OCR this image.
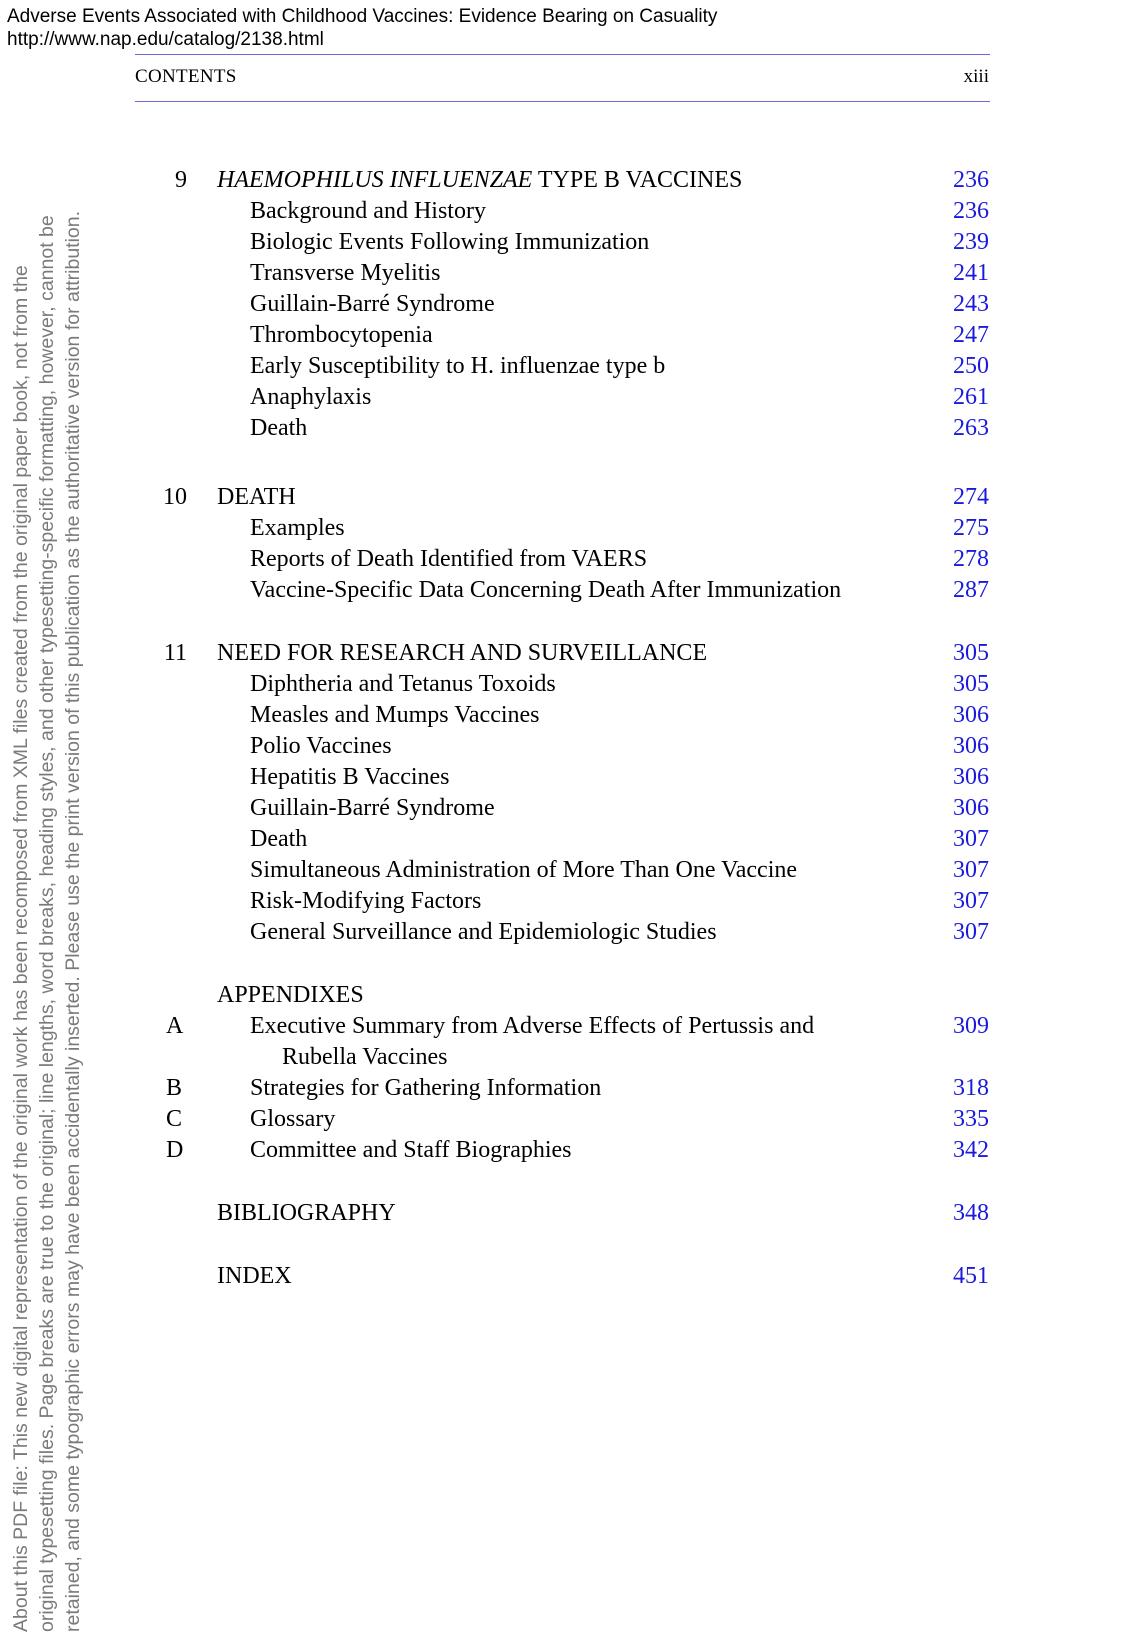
Adverse Events Associated with Childhood Vaccines: Evidence Bearing on Casuality
http://www.nap.edu/catalog/2138.html
About this PDF file: This new digital representation of the original work has been recomposed from XML files created from the original paper book, not from the original typesetting files. Page breaks are true to the original; line lengths, word breaks, heading styles, and other typesetting-specific formatting, however, cannot be retained, and some typographic errors may have been accidentally inserted. Please use the print version of this publication as the authoritative version for attribution.
CONTENTS	xiii
9 HAEMOPHILUS INFLUENZAE TYPE B VACCINES	236
Background and History	236
Biologic Events Following Immunization	239
Transverse Myelitis	241
Guillain-Barré Syndrome	243
Thrombocytopenia	247
Early Susceptibility to H. influenzae type b	250
Anaphylaxis	261
Death	263
10 DEATH	274
Examples	275
Reports of Death Identified from VAERS	278
Vaccine-Specific Data Concerning Death After Immunization	287
11 NEED FOR RESEARCH AND SURVEILLANCE	305
Diphtheria and Tetanus Toxoids	305
Measles and Mumps Vaccines	306
Polio Vaccines	306
Hepatitis B Vaccines	306
Guillain-Barré Syndrome	306
Death	307
Simultaneous Administration of More Than One Vaccine	307
Risk-Modifying Factors	307
General Surveillance and Epidemiologic Studies	307
APPENDIXES
A	Executive Summary from Adverse Effects of Pertussis and	309
Rubella Vaccines
B	Strategies for Gathering Information	318
C	Glossary	335
D	Committee and Staff Biographies	342
BIBLIOGRAPHY	348
INDEX	451
